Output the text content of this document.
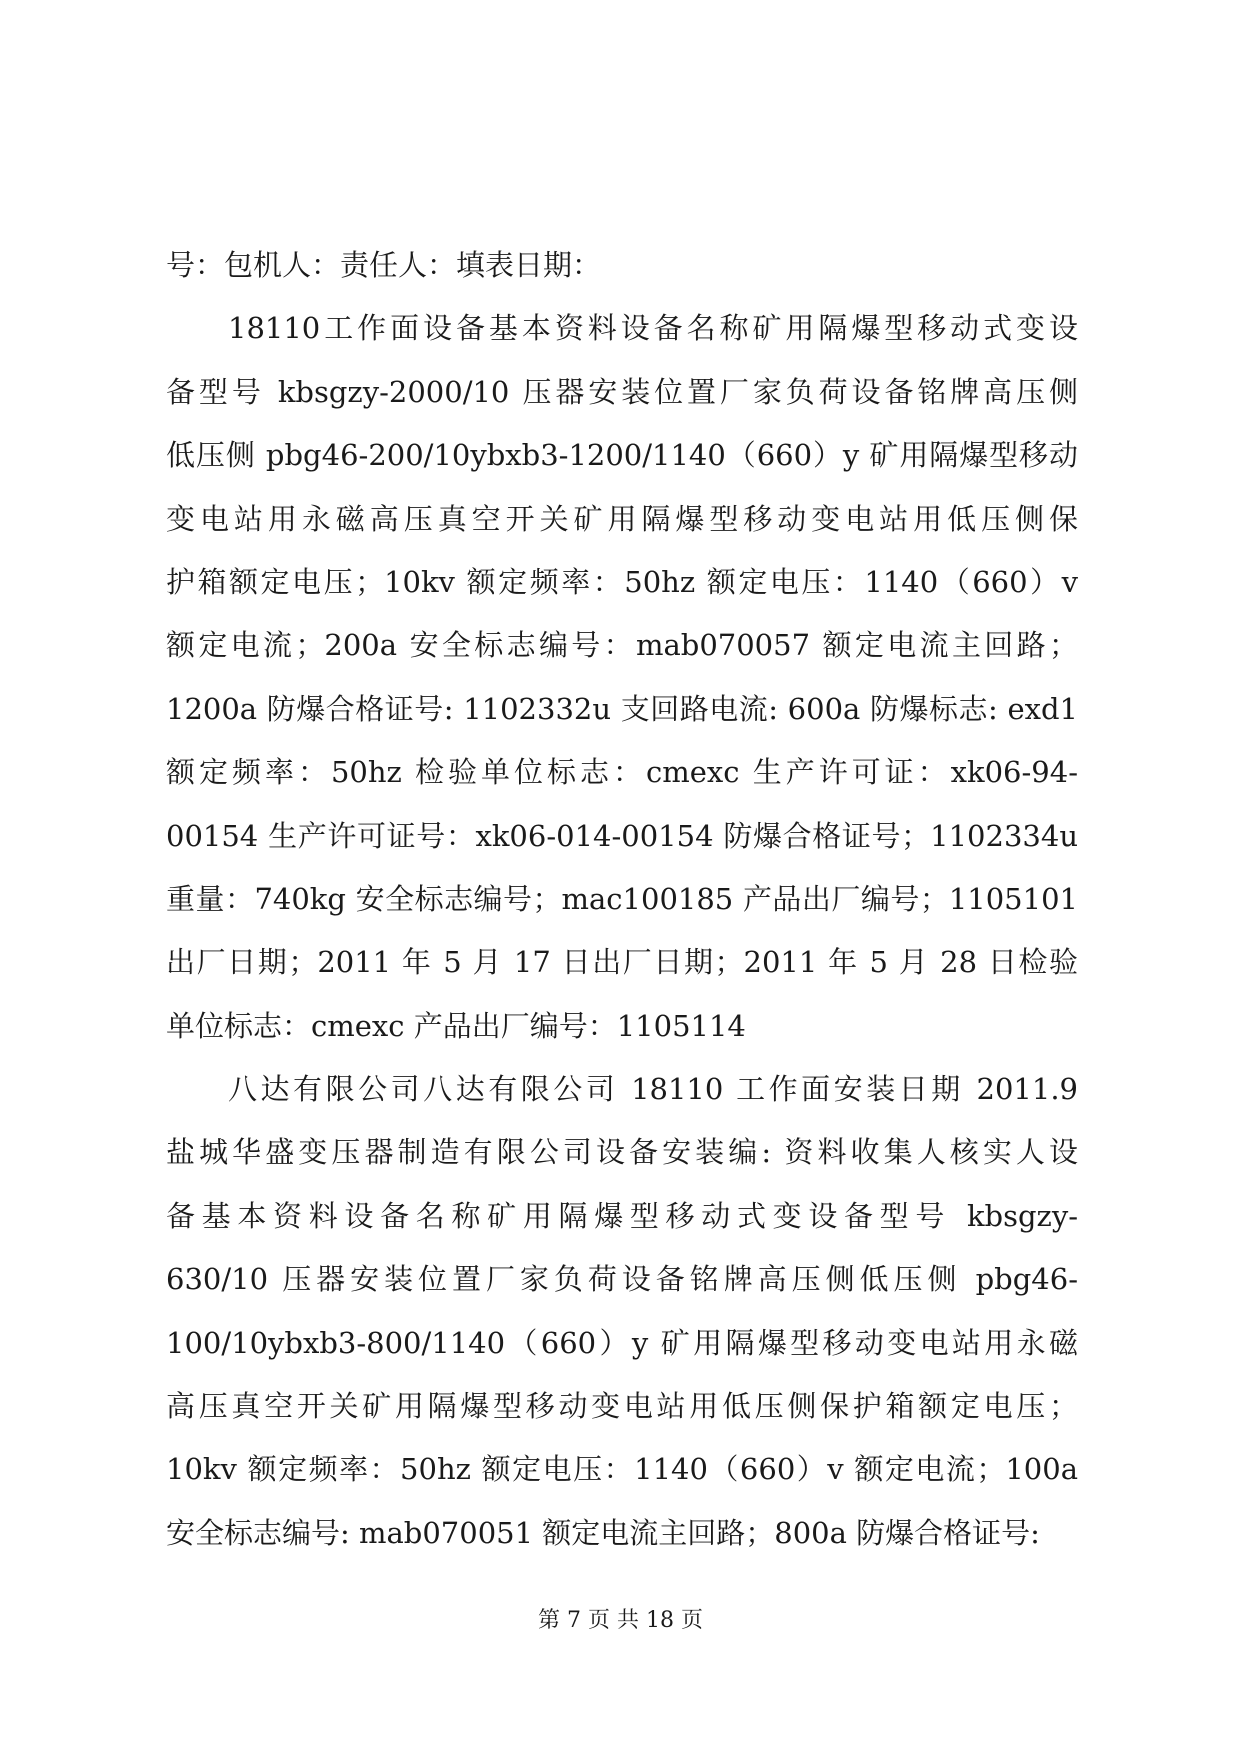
号：包机人：责任人：填表日期：
18110工作面设备基本资料设备名称矿用隔爆型移动式变设
备型号 kbsgzy-2000/10 压器安装位置厂家负荷设备铭牌高压侧
低压侧 pbg46-200/10ybxb3-1200/1140（660）y 矿用隔爆型移动
变电站用永磁高压真空开关矿用隔爆型移动变电站用低压侧保
护箱额定电压；10kv 额定频率：50hz 额定电压：1140（660）v
额定电流；200a 安全标志编号：mab070057 额定电流主回路；
1200a 防爆合格证号: 1102332u 支回路电流: 600a 防爆标志: exd1
额定频率：50hz 检验单位标志：cmexc 生产许可证：xk06-94-
00154 生产许可证号：xk06-014-00154 防爆合格证号；1102334u
重量：740kg 安全标志编号；mac100185 产品出厂编号；1105101
出厂日期；2011 年 5 月 17 日出厂日期；2011 年 5 月 28 日检验
单位标志：cmexc 产品出厂编号：1105114
八达有限公司八达有限公司 18110 工作面安装日期 2011.9
盐城华盛变压器制造有限公司设备安装编: 资料收集人核实人设
备基本资料设备名称矿用隔爆型移动式变设备型号 kbsgzy-
630/10 压器安装位置厂家负荷设备铭牌高压侧低压侧 pbg46-
100/10ybxb3-800/1140（660）y 矿用隔爆型移动变电站用永磁
高压真空开关矿用隔爆型移动变电站用低压侧保护箱额定电压；
10kv 额定频率：50hz 额定电压：1140（660）v 额定电流；100a
安全标志编号: mab070051 额定电流主回路；800a 防爆合格证号:
第 7 页 共 18 页
